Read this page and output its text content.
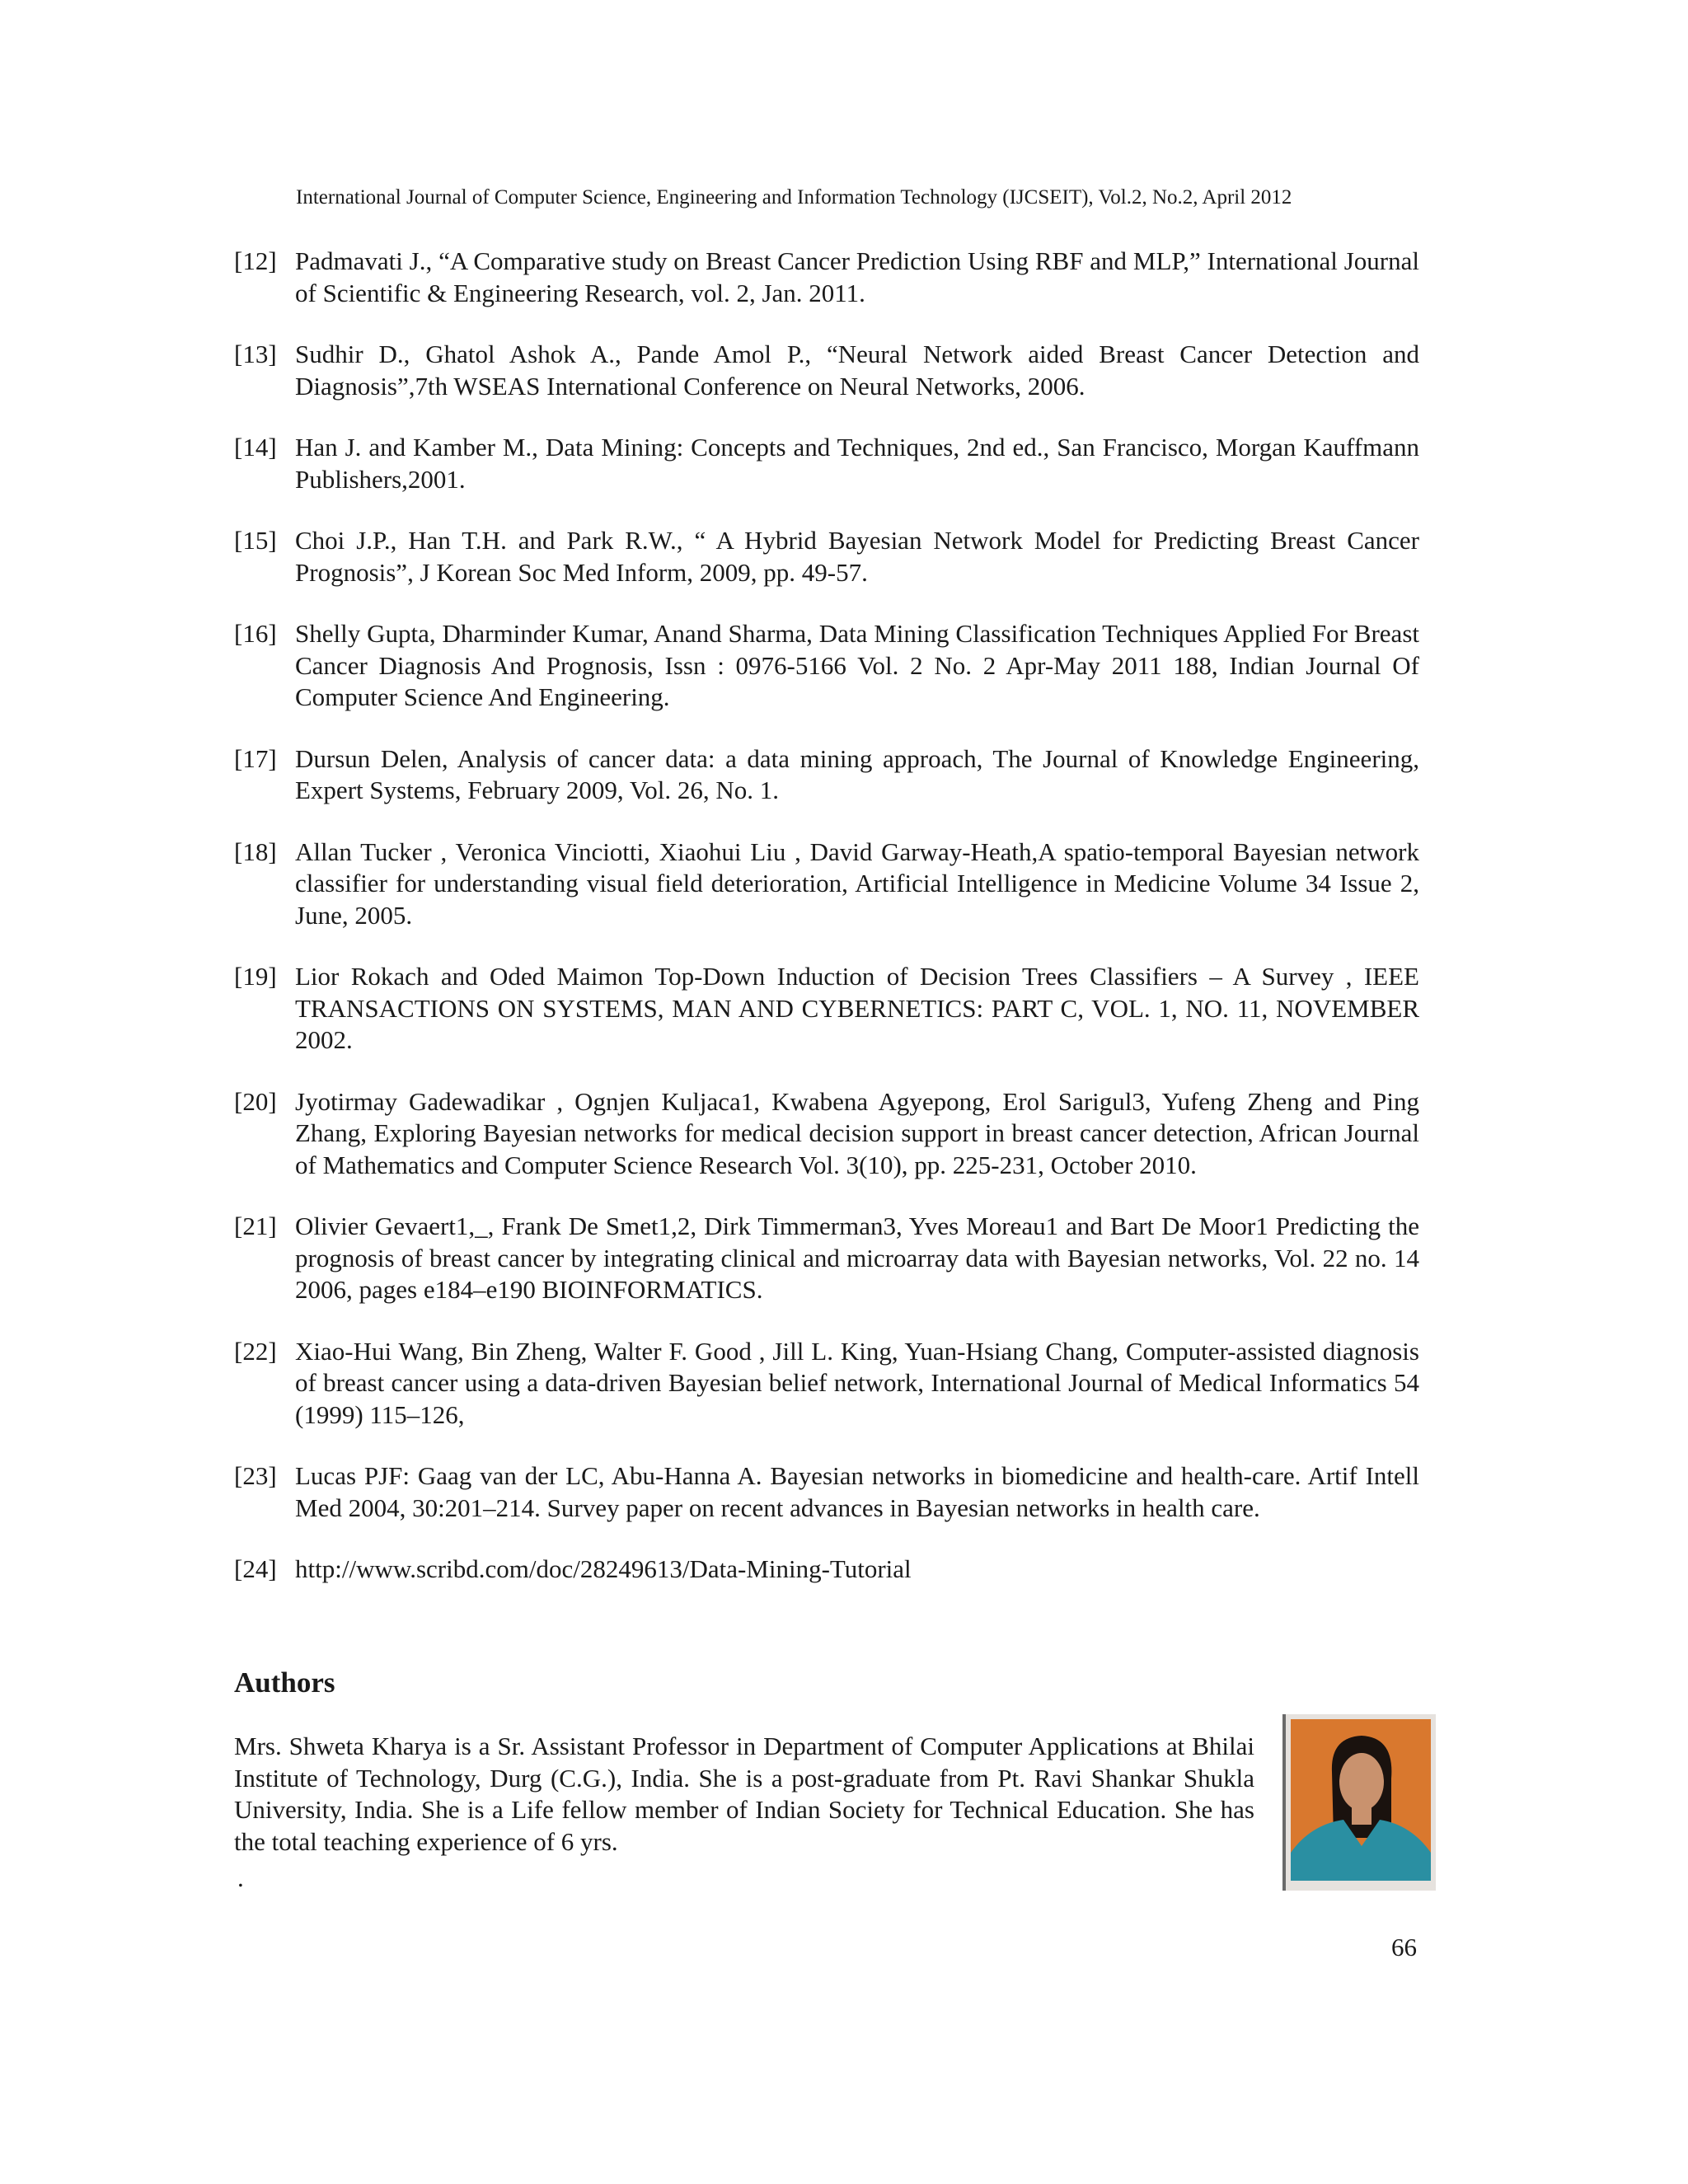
International Journal of Computer Science, Engineering and Information Technology (IJCSEIT), Vol.2, No.2, April 2012
[12] Padmavati J., “A Comparative study on Breast Cancer Prediction Using RBF and MLP,” International Journal of Scientific & Engineering Research, vol. 2, Jan. 2011.
[13] Sudhir D., Ghatol Ashok A., Pande Amol P., “Neural Network aided Breast Cancer Detection and Diagnosis”,7th WSEAS International Conference on Neural Networks, 2006.
[14] Han J. and Kamber M., Data Mining: Concepts and Techniques, 2nd ed., San Francisco, Morgan Kauffmann Publishers,2001.
[15] Choi J.P., Han T.H. and Park R.W., “ A Hybrid Bayesian Network Model for Predicting Breast Cancer Prognosis”, J Korean Soc Med Inform, 2009, pp. 49-57.
[16] Shelly Gupta, Dharminder Kumar, Anand Sharma, Data Mining Classification Techniques Applied For Breast Cancer Diagnosis And Prognosis, Issn : 0976-5166 Vol. 2 No. 2 Apr-May 2011 188, Indian Journal Of Computer Science And Engineering.
[17] Dursun Delen, Analysis of cancer data: a data mining approach, The Journal of Knowledge Engineering, Expert Systems, February 2009, Vol. 26, No. 1.
[18] Allan Tucker , Veronica Vinciotti, Xiaohui Liu , David Garway-Heath,A spatio-temporal Bayesian network classifier for understanding visual field deterioration, Artificial Intelligence in Medicine Volume 34 Issue 2, June, 2005.
[19] Lior Rokach and Oded Maimon Top-Down Induction of Decision Trees Classifiers – A Survey , IEEE TRANSACTIONS ON SYSTEMS, MAN AND CYBERNETICS: PART C, VOL. 1, NO. 11, NOVEMBER 2002.
[20] Jyotirmay Gadewadikar , Ognjen Kuljaca1, Kwabena Agyepong, Erol Sarigul3, Yufeng Zheng and Ping Zhang, Exploring Bayesian networks for medical decision support in breast cancer detection, African Journal of Mathematics and Computer Science Research Vol. 3(10), pp. 225-231, October 2010.
[21] Olivier Gevaert1,_, Frank De Smet1,2, Dirk Timmerman3, Yves Moreau1 and Bart De Moor1 Predicting the prognosis of breast cancer by integrating clinical and microarray data with Bayesian networks, Vol. 22 no. 14 2006, pages e184–e190 BIOINFORMATICS.
[22] Xiao-Hui Wang, Bin Zheng, Walter F. Good , Jill L. King, Yuan-Hsiang Chang, Computer-assisted diagnosis of breast cancer using a data-driven Bayesian belief network, International Journal of Medical Informatics 54 (1999) 115–126,
[23] Lucas PJF: Gaag van der LC, Abu-Hanna A. Bayesian networks in biomedicine and health-care. Artif Intell Med 2004, 30:201–214. Survey paper on recent advances in Bayesian networks in health care.
[24] http://www.scribd.com/doc/28249613/Data-Mining-Tutorial
Authors

Mrs. Shweta Kharya is a Sr. Assistant Professor in Department of Computer Applications at Bhilai Institute of Technology, Durg (C.G.), India. She is a post-graduate from Pt. Ravi Shankar Shukla University, India. She is a Life fellow member of Indian Society for Technical Education. She has the total teaching experience of 6 yrs.

.
66
